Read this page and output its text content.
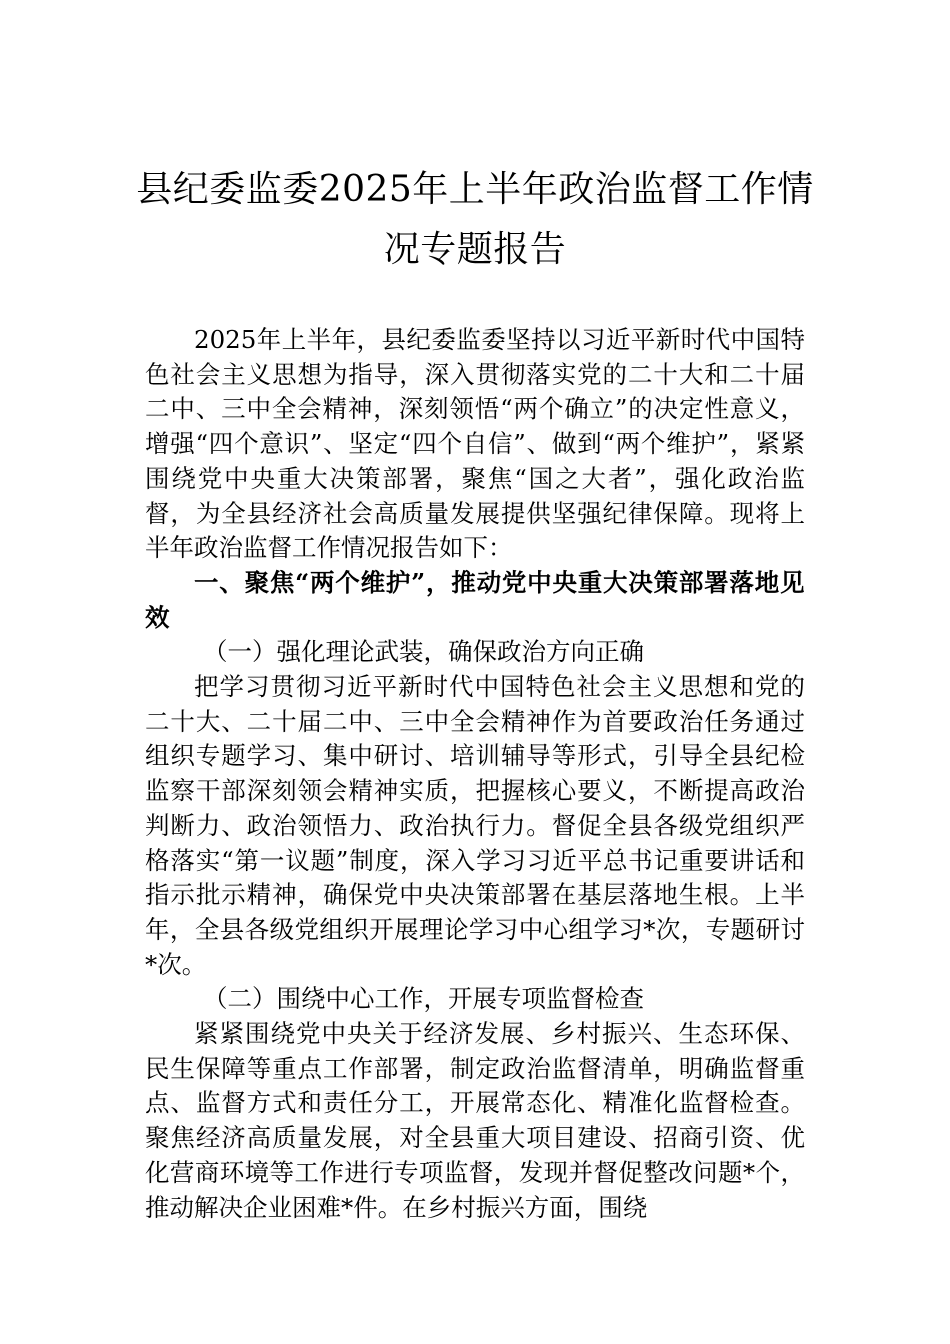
县纪委监委2025年上半年政治监督工作情
况专题报告

2025年上半年，县纪委监委坚持以习近平新时代中国特色社会主义思想为指导，深入贯彻落实党的二十大和二十届二中、三中全会精神，深刻领悟“两个确立”的决定性意义，增强“四个意识”、坚定“四个自信”、做到“两个维护”，紧紧围绕党中央重大决策部署，聚焦“国之大者”，强化政治监督，为全县经济社会高质量发展提供坚强纪律保障。现将上半年政治监督工作情况报告如下：

一、聚焦“两个维护”，推动党中央重大决策部署落地见效

（一）强化理论武装，确保政治方向正确

把学习贯彻习近平新时代中国特色社会主义思想和党的二十大、二十届二中、三中全会精神作为首要政治任务通过组织专题学习、集中研讨、培训辅导等形式，引导全县纪检监察干部深刻领会精神实质，把握核心要义，不断提高政治判断力、政治领悟力、政治执行力。督促全县各级党组织严格落实“第一议题”制度，深入学习习近平总书记重要讲话和指示批示精神，确保党中央决策部署在基层落地生根。上半年，全县各级党组织开展理论学习中心组学习*次，专题研讨*次。

（二）围绕中心工作，开展专项监督检查

紧紧围绕党中央关于经济发展、乡村振兴、生态环保、民生保障等重点工作部署，制定政治监督清单，明确监督重点、监督方式和责任分工，开展常态化、精准化监督检查。聚焦经济高质量发展，对全县重大项目建设、招商引资、优化营商环境等工作进行专项监督，发现并督促整改问题*个，推动解决企业困难*件。在乡村振兴方面，围绕
